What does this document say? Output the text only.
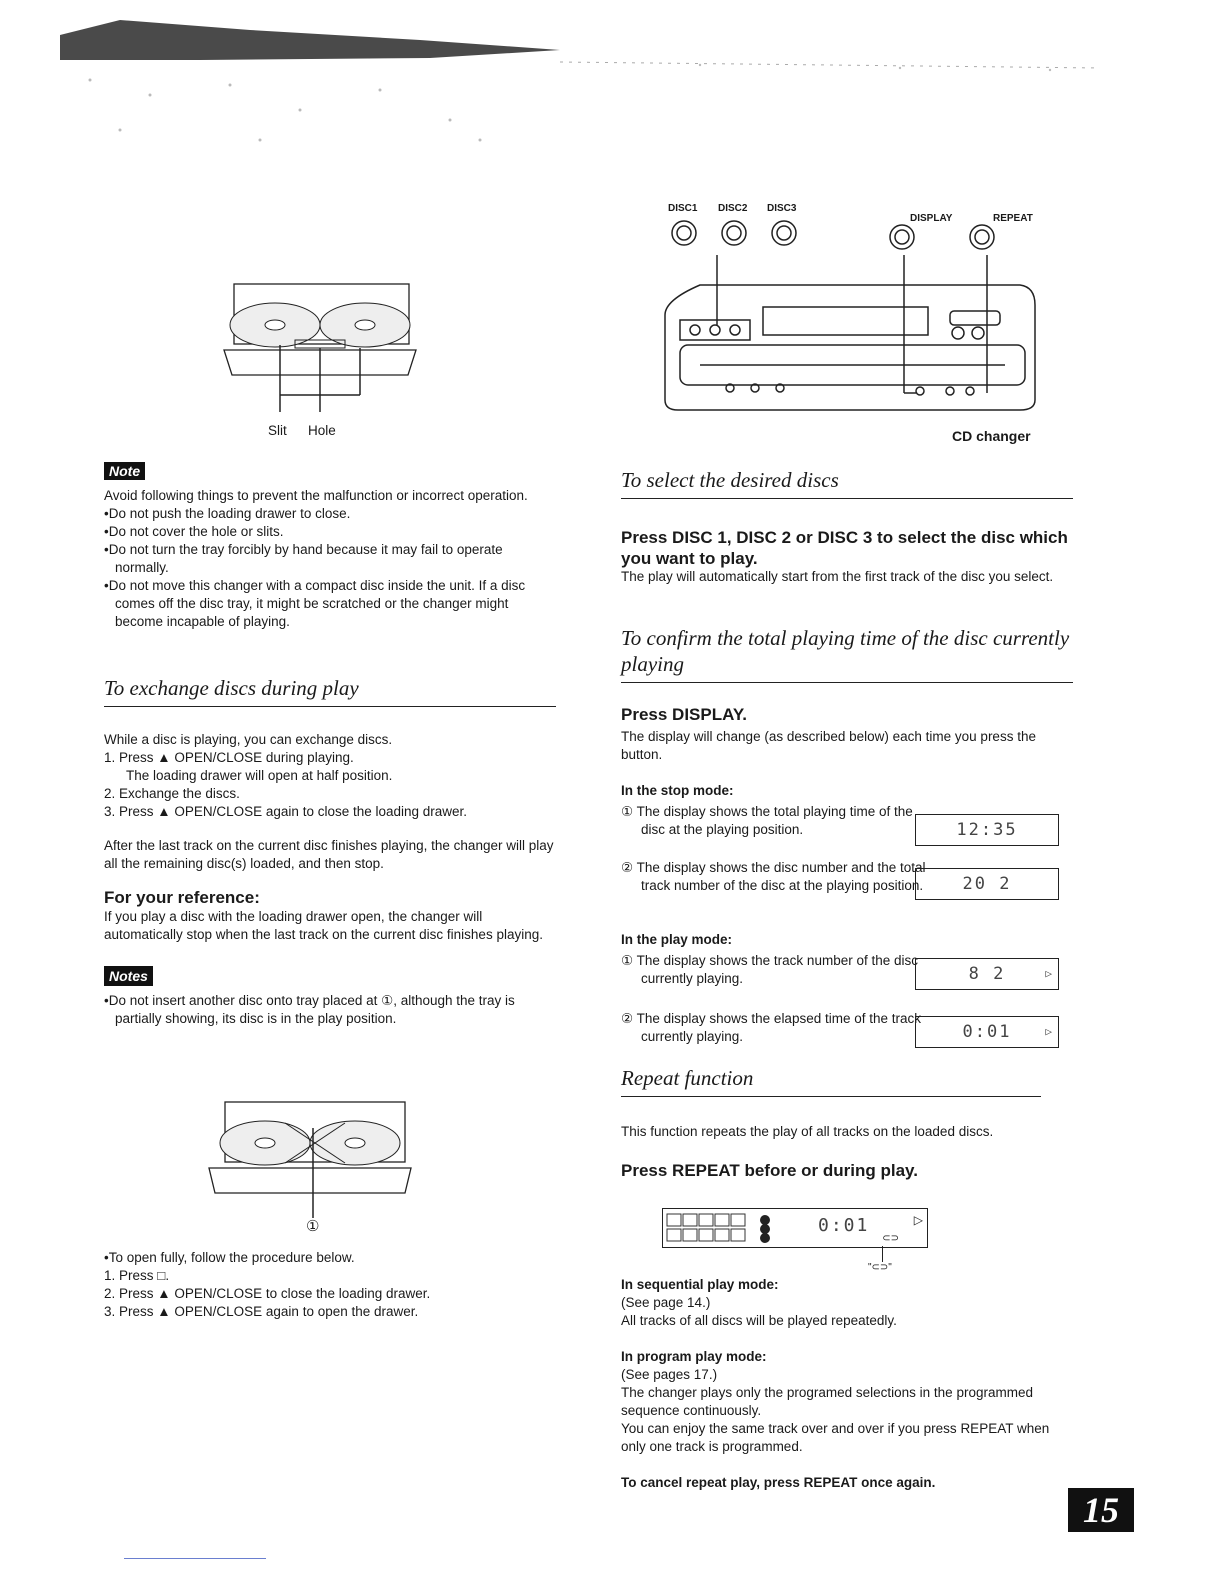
Slit Hole
Note
Avoid following things to prevent the malfunction or incorrect operation.
•Do not push the loading drawer to close.
•Do not cover the hole or slits.
•Do not turn the tray forcibly by hand because it may fail to operate normally.
•Do not move this changer with a compact disc inside the unit. If a disc comes off the disc tray, it might be scratched or the changer might become incapable of playing.
To exchange discs during play
While a disc is playing, you can exchange discs.
1. Press ▲ OPEN/CLOSE during playing.
The loading drawer will open at half position.
2. Exchange the discs.
3. Press ▲ OPEN/CLOSE again to close the loading drawer.
After the last track on the current disc finishes playing, the changer will play all the remaining disc(s) loaded, and then stop.
For your reference:
If you play a disc with the loading drawer open, the changer will automatically stop when the last track on the current disc finishes playing.
Notes
•Do not insert another disc onto tray placed at ①, although the tray is partially showing, its disc is in the play position.
①
•To open fully, follow the procedure below.
1. Press □.
2. Press ▲ OPEN/CLOSE to close the loading drawer.
3. Press ▲ OPEN/CLOSE again to open the drawer.
DISC1 DISC2 DISC3
DISPLAY	REPEAT
CD changer
To select the desired discs
Press DISC 1, DISC 2 or DISC 3 to select the disc which you want to play.
The play will automatically start from the first track of the disc you select.
To confirm the total playing time of the disc currently playing
Press DISPLAY.
The display will change (as described below) each time you press the button.
In the stop mode:
① The display shows the total playing time of the disc at the playing position.
② The display shows the disc number and the total track number of the disc at the playing position.
In the play mode:
① The display shows the track number of the disc currently playing.
② The display shows the elapsed time of the track currently playing.
12:35
20 2
8 2	▷
0:01	▷
Repeat function
This function repeats the play of all tracks on the loaded discs.
Press REPEAT before or during play.
0:01	▷
⊂⊃
"⊂⊃"
In sequential play mode:
(See page 14.)
All tracks of all discs will be played repeatedly.
In program play mode:
(See pages 17.)
The changer plays only the programed selections in the programmed sequence continuously.
You can enjoy the same track over and over if you press REPEAT when only one track is programmed.
To cancel repeat play, press REPEAT once again.
15
